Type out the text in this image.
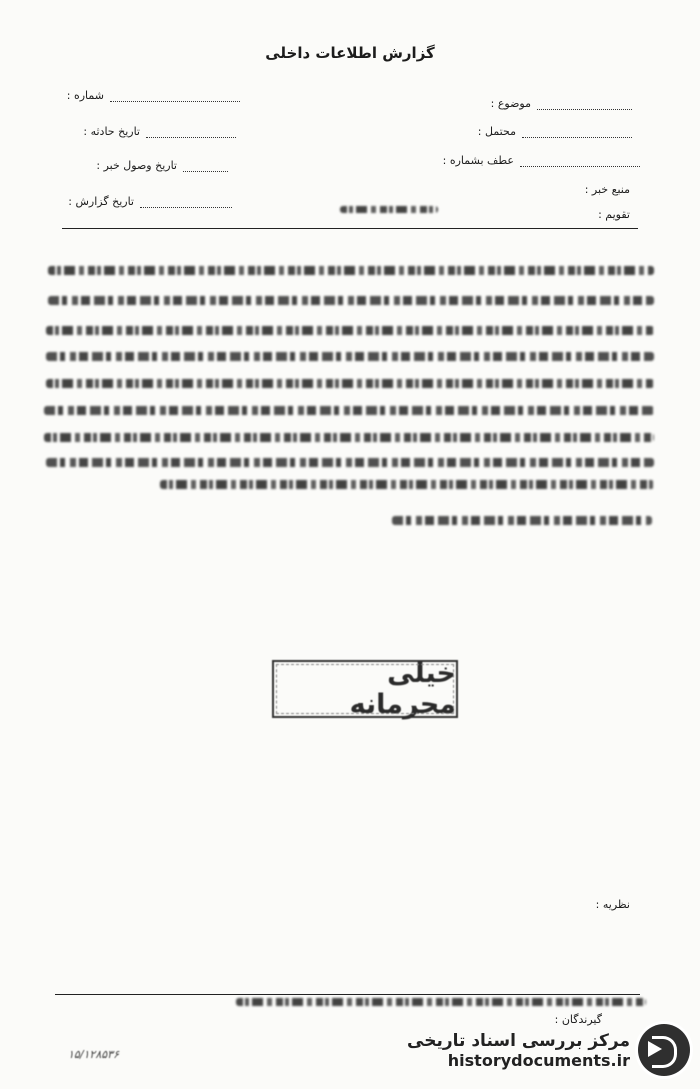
گزارش اطلاعات داخلی
موضوع :
محتمل :
عطف بشماره :
منبع خبر :
تقویم :
شماره :
تاریخ حادثه :
تاریخ وصول خبر :
تاریخ گزارش :
خیلی محرمانه
نظریه :
گیرندگان :
۱۵/۱۲۸۵۳۶
مرکز بررسی اسناد تاریخی
historydocuments.ir
